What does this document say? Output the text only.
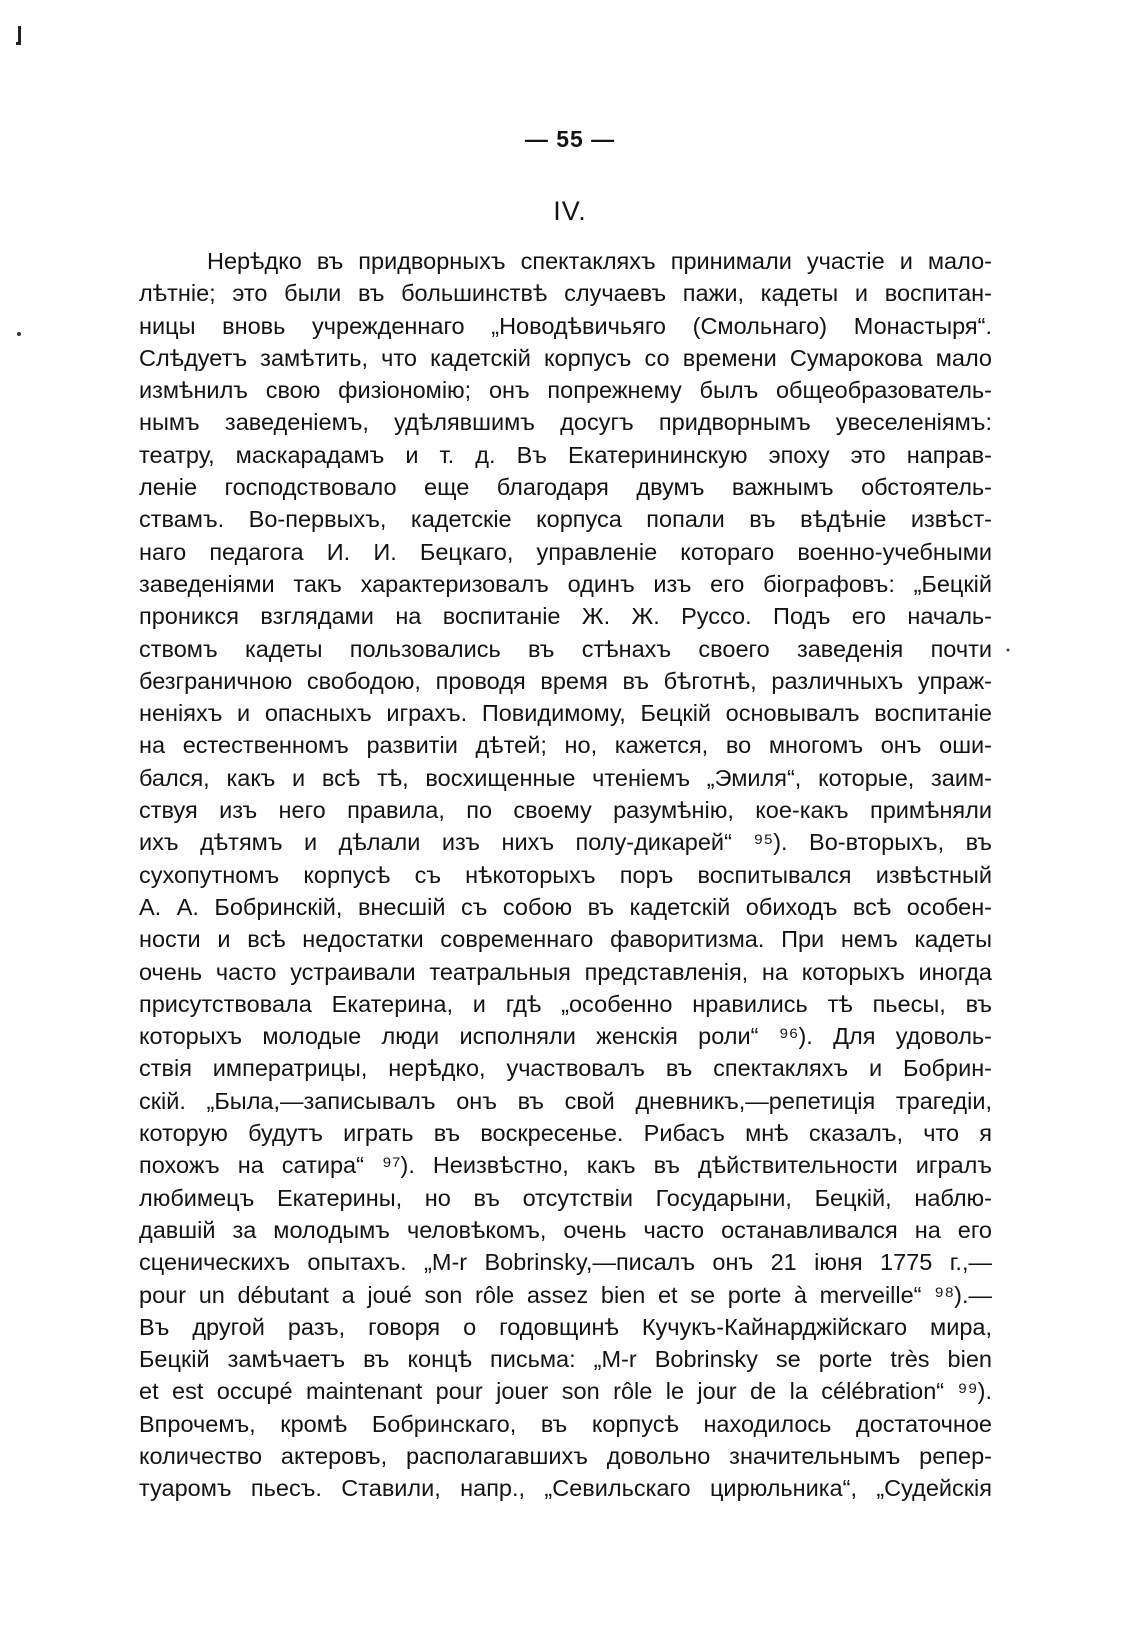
— 55 —
IV.
Нерѣдко въ придворныхъ спектакляхъ принимали участіе и мало-
лѣтніе; это были въ большинствѣ случаевъ пажи, кадеты и воспитан-
ницы вновь учрежденнаго „Новодѣвичьяго (Смольнаго) Монастыря“.
Слѣдуетъ замѣтить, что кадетскій корпусъ со времени Сумарокова мало
измѣнилъ свою физіономію; онъ попрежнему былъ общеобразователь-
нымъ заведеніемъ, удѣлявшимъ досугъ придворнымъ увеселеніямъ:
театру, маскарадамъ и т. д. Въ Екатерининскую эпоху это направ-
леніе господствовало еще благодаря двумъ важнымъ обстоятель-
ствамъ. Во-первыхъ, кадетскіе корпуса попали въ вѣдѣніе извѣст-
наго педагога И. И. Бецкаго, управленіе котораго военно-учебными
заведеніями такъ характеризовалъ одинъ изъ его біографовъ: „Бецкій
проникся взглядами на воспитаніе Ж. Ж. Руссо. Подъ его началь-
ствомъ кадеты пользовались въ стѣнахъ своего заведенія почти
безграничною свободою, проводя время въ бѣготнѣ, различныхъ упраж-
неніяхъ и опасныхъ играхъ. Повидимому, Бецкій основывалъ воспитаніе
на естественномъ развитіи дѣтей; но, кажется, во многомъ онъ оши-
бался, какъ и всѣ тѣ, восхищенные чтеніемъ „Эмиля“, которые, заим-
ствуя изъ него правила, по своему разумѣнію, кое-какъ примѣняли
ихъ дѣтямъ и дѣлали изъ нихъ полу-дикарей“ ⁹⁵). Во-вторыхъ, въ
сухопутномъ корпусѣ съ нѣкоторыхъ поръ воспитывался извѣстный
А. А. Бобринскій, внесшій съ собою въ кадетскій обиходъ всѣ особен-
ности и всѣ недостатки современнаго фаворитизма. При немъ кадеты
очень часто устраивали театральныя представленія, на которыхъ иногда
присутствовала Екатерина, и гдѣ „особенно нравились тѣ пьесы, въ
которыхъ молодые люди исполняли женскія роли“ ⁹⁶). Для удоволь-
ствія императрицы, нерѣдко, участвовалъ въ спектакляхъ и Бобрин-
скій. „Была,—записывалъ онъ въ свой дневникъ,—репетиція трагедіи,
которую будутъ играть въ воскресенье. Рибасъ мнѣ сказалъ, что я
похожъ на сатира“ ⁹⁷). Неизвѣстно, какъ въ дѣйствительности игралъ
любимецъ Екатерины, но въ отсутствіи Государыни, Бецкій, наблю-
давшій за молодымъ человѣкомъ, очень часто останавливался на его
сценическихъ опытахъ. „M-r Bobrinsky,—писалъ онъ 21 іюня 1775 г.,—
pour un débutant a joué son rôle assez bien et se porte à merveille“ ⁹⁸).—
Въ другой разъ, говоря о годовщинѣ Кучукъ-Кайнарджійскаго мира,
Бецкій замѣчаетъ въ концѣ письма: „M-r Bobrinsky se porte très bien
et est occupé maintenant pour jouer son rôle le jour de la célébration“ ⁹⁹).
Впрочемъ, кромѣ Бобринскаго, въ корпусѣ находилось достаточное
количество актеровъ, располагавшихъ довольно значительнымъ репер-
туаромъ пьесъ. Ставили, напр., „Севильскаго цирюльника“, „Судейскія
